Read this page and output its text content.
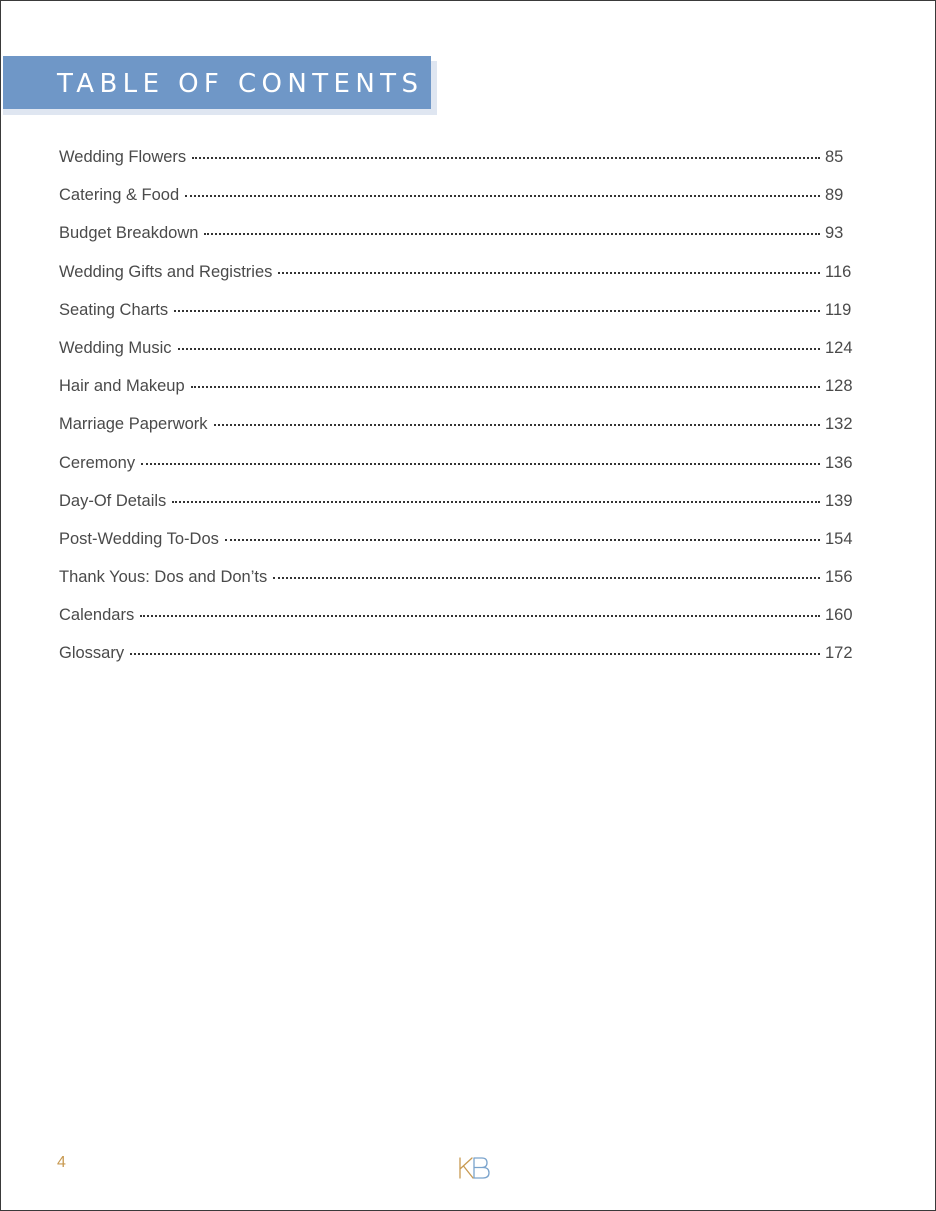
TABLE OF CONTENTS
Wedding Flowers	85
Catering & Food	89
Budget Breakdown	93
Wedding Gifts and Registries	116
Seating Charts	119
Wedding Music	124
Hair and Makeup	128
Marriage Paperwork	132
Ceremony	136
Day-Of Details	139
Post-Wedding To-Dos	154
Thank Yous: Dos and Don’ts	156
Calendars	160
Glossary	172
4
